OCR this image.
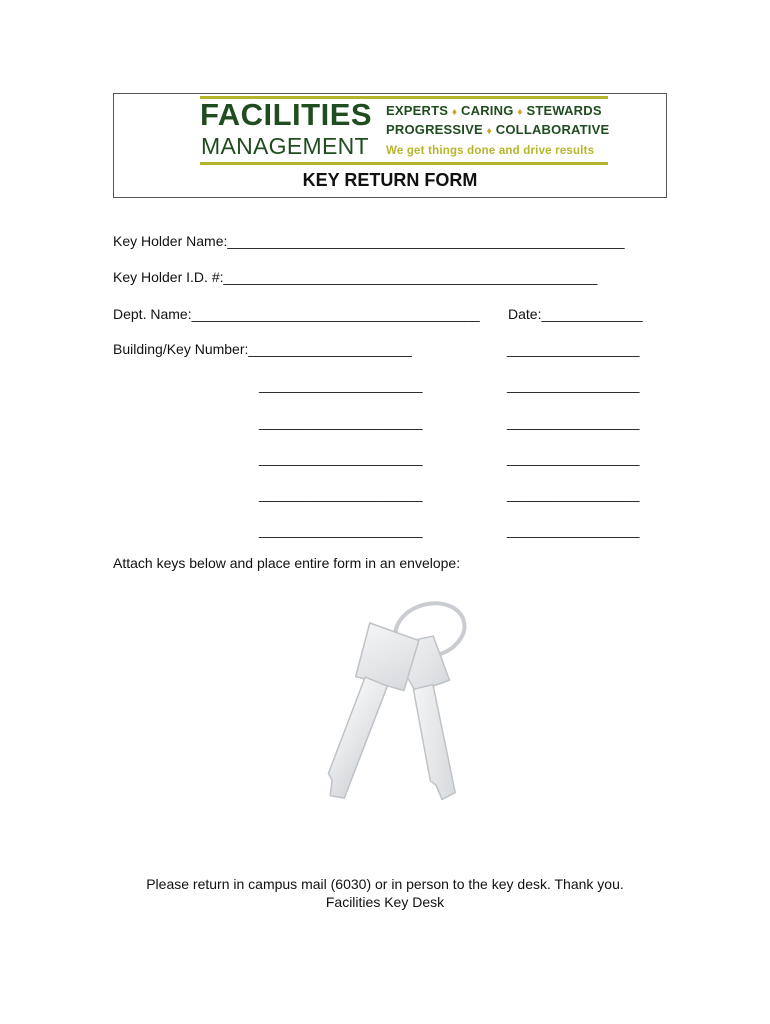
FACILITIES
MANAGEMENT
EXPERTS ♦ CARING ♦ STEWARDS
PROGRESSIVE ♦ COLLABORATIVE
We get things done and drive results
KEY RETURN FORM
Key Holder Name:___________________________________________________
Key Holder I.D. #:________________________________________________
Dept. Name:_____________________________________ Date:_____________
Building/Key Number:_____________________	_________________
_____________________	_________________
_____________________	_________________
_____________________	_________________
_____________________	_________________
_____________________	_________________
Attach keys below and place entire form in an envelope:
Please return in campus mail (6030) or in person to the key desk. Thank you.
Facilities Key Desk
